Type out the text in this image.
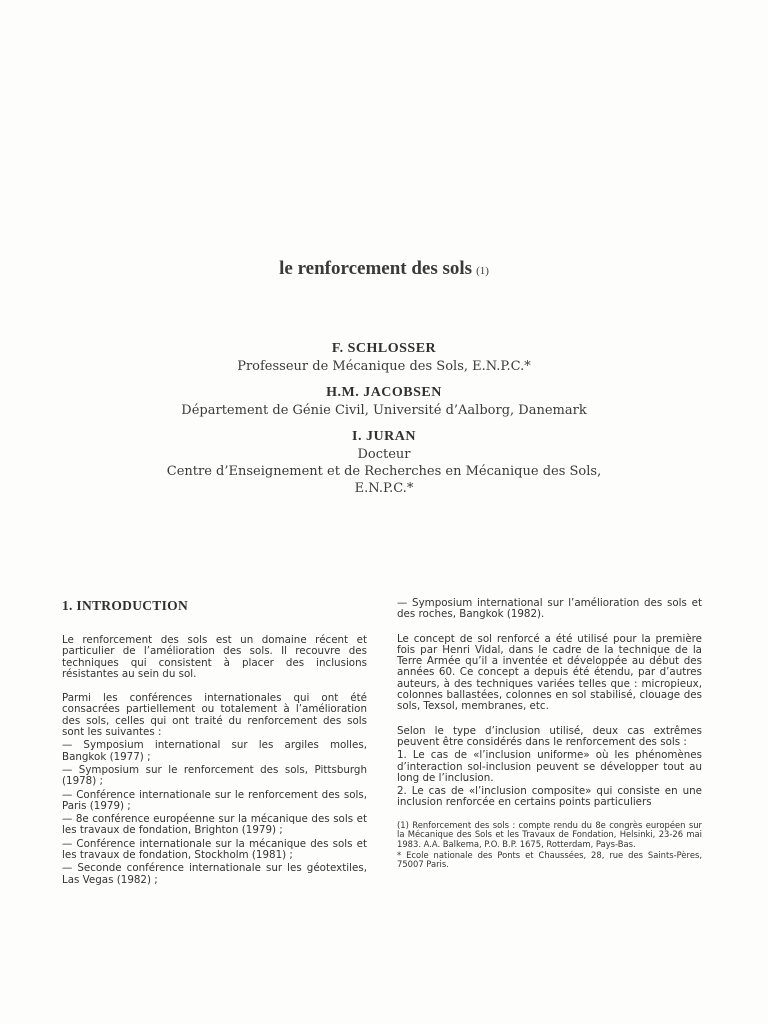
le renforcement des sols (1)
F. SCHLOSSER
Professeur de Mécanique des Sols, E.N.P.C.*
H.M. JACOBSEN
Département de Génie Civil, Université d’Aalborg, Danemark
I. JURAN
Docteur
Centre d’Enseignement et de Recherches en Mécanique des Sols,
E.N.P.C.*
1. INTRODUCTION

Le renforcement des sols est un domaine récent et particulier de l’amélioration des sols. Il recouvre des techniques qui consistent à placer des inclusions résistantes au sein du sol.

Parmi les conférences internationales qui ont été consacrées partiellement ou totalement à l’amélioration des sols, celles qui ont traité du renforcement des sols sont les suivantes :

— Symposium international sur les argiles molles, Bangkok (1977) ;

— Symposium sur le renforcement des sols, Pittsburgh (1978) ;

— Conférence internationale sur le renforcement des sols, Paris (1979) ;

— 8e conférence européenne sur la mécanique des sols et les travaux de fondation, Brighton (1979) ;

— Conférence internationale sur la mécanique des sols et les travaux de fondation, Stockholm (1981) ;

— Seconde conférence internationale sur les géotextiles, Las Vegas (1982) ;

— Symposium international sur l’amélioration des sols et des roches, Bangkok (1982).

Le concept de sol renforcé a été utilisé pour la première fois par Henri Vidal, dans le cadre de la technique de la Terre Armée qu’il a inventée et développée au début des années 60. Ce concept a depuis été étendu, par d’autres auteurs, à des techniques variées telles que : micropieux, colonnes ballastées, colonnes en sol stabilisé, clouage des sols, Texsol, membranes, etc.

Selon le type d’inclusion utilisé, deux cas extrêmes peuvent être considérés dans le renforcement des sols :

1. Le cas de «l’inclusion uniforme» où les phénomènes d’interaction sol-inclusion peuvent se développer tout au long de l’inclusion.

2. Le cas de «l’inclusion composite» qui consiste en une inclusion renforcée en certains points particuliers

(1) Renforcement des sols : compte rendu du 8e congrès européen sur la Mécanique des Sols et les Travaux de Fondation, Helsinki, 23-26 mai 1983. A.A. Balkema, P.O. B.P. 1675, Rotterdam, Pays-Bas.

* Ecole nationale des Ponts et Chaussées, 28, rue des Saints-Pères, 75007 Paris.
